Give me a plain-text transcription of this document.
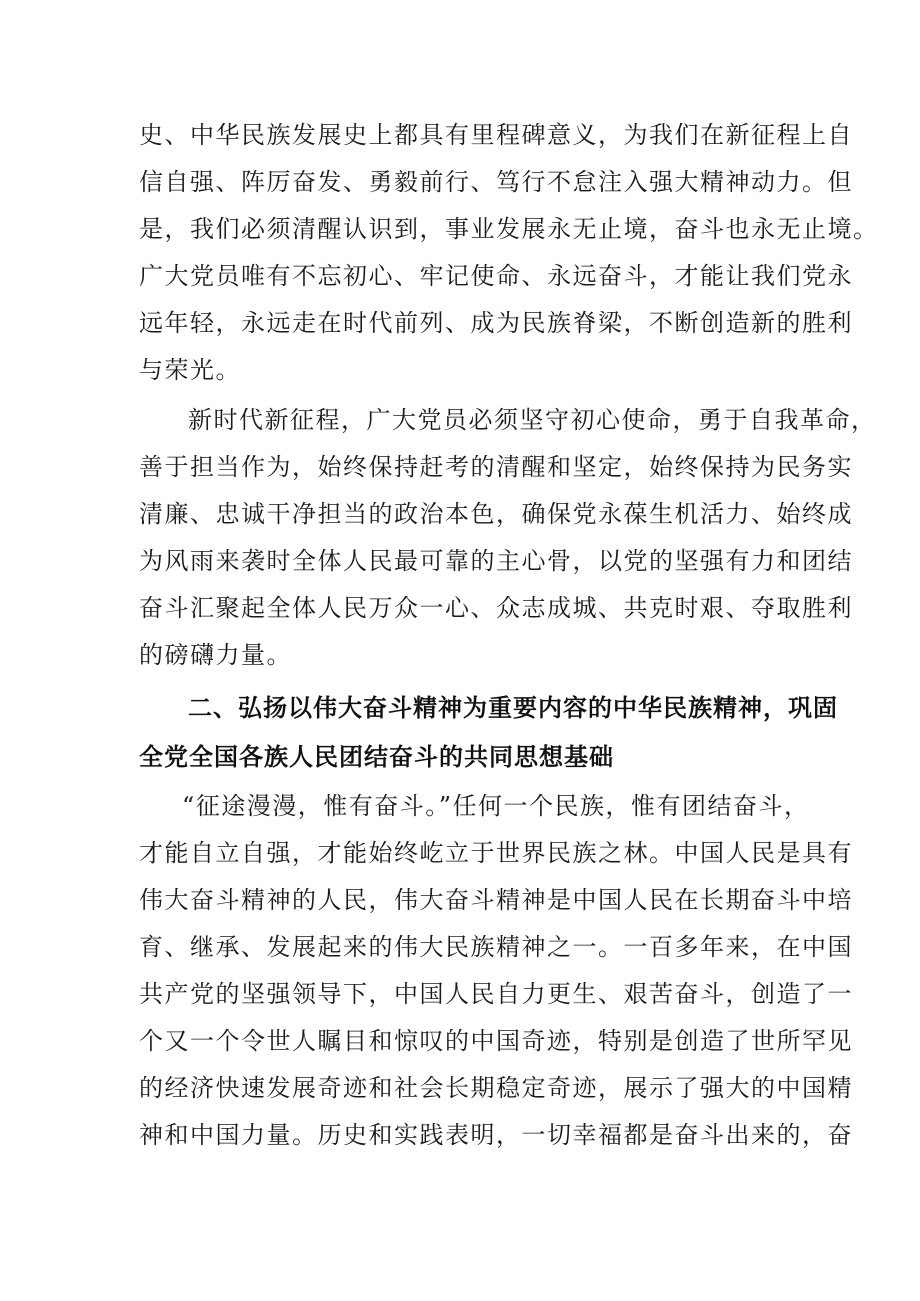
史、中华民族发展史上都具有里程碑意义，为我们在新征程上自
信自强、阵厉奋发、勇毅前行、笃行不怠注入强大精神动力。但
是，我们必须清醒认识到，事业发展永无止境，奋斗也永无止境。
广大党员唯有不忘初心、牢记使命、永远奋斗，才能让我们党永
远年轻，永远走在时代前列、成为民族脊梁，不断创造新的胜利
与荣光。
新时代新征程，广大党员必须坚守初心使命，勇于自我革命，
善于担当作为，始终保持赶考的清醒和坚定，始终保持为民务实
清廉、忠诚干净担当的政治本色，确保党永葆生机活力、始终成
为风雨来袭时全体人民最可靠的主心骨，以党的坚强有力和团结
奋斗汇聚起全体人民万众一心、众志成城、共克时艰、夺取胜利
的磅礴力量。
二、弘扬以伟大奋斗精神为重要内容的中华民族精神，巩固
全党全国各族人民团结奋斗的共同思想基础
“征途漫漫，惟有奋斗。”任何一个民族，惟有团结奋斗，
才能自立自强，才能始终屹立于世界民族之林。中国人民是具有
伟大奋斗精神的人民，伟大奋斗精神是中国人民在长期奋斗中培
育、继承、发展起来的伟大民族精神之一。一百多年来，在中国
共产党的坚强领导下，中国人民自力更生、艰苦奋斗，创造了一
个又一个令世人瞩目和惊叹的中国奇迹，特别是创造了世所罕见
的经济快速发展奇迹和社会长期稳定奇迹，展示了强大的中国精
神和中国力量。历史和实践表明，一切幸福都是奋斗出来的，奋
